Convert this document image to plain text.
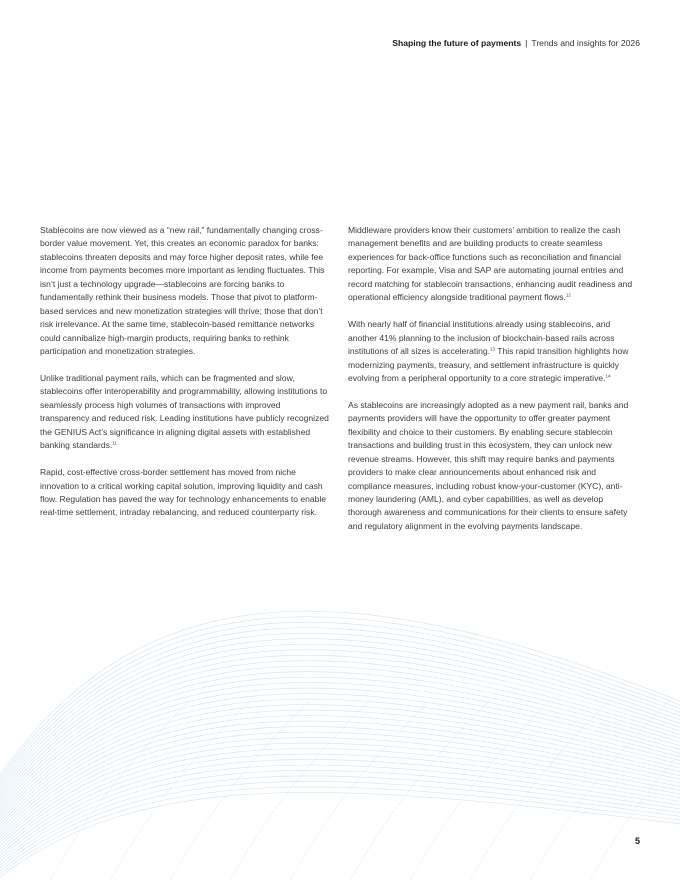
Shaping the future of payments | Trends and insights for 2026

Stablecoins are now viewed as a “new rail,” fundamentally changing cross-border value movement. Yet, this creates an economic paradox for banks: stablecoins threaten deposits and may force higher deposit rates, while fee income from payments becomes more important as lending fluctuates. This isn’t just a technology upgrade—stablecoins are forcing banks to fundamentally rethink their business models. Those that pivot to platform-based services and new monetization strategies will thrive; those that don’t risk irrelevance. At the same time, stablecoin-based remittance networks could cannibalize high-margin products, requiring banks to rethink participation and monetization strategies.

Unlike traditional payment rails, which can be fragmented and slow, stablecoins offer interoperability and programmability, allowing institutions to seamlessly process high volumes of transactions with improved transparency and reduced risk. Leading institutions have publicly recognized the GENIUS Act’s significance in aligning digital assets with established banking standards.$^{11}$

Rapid, cost-effective cross-border settlement has moved from niche innovation to a critical working capital solution, improving liquidity and cash flow. Regulation has paved the way for technology enhancements to enable real-time settlement, intraday rebalancing, and reduced counterparty risk.

Middleware providers know their customers’ ambition to realize the cash management benefits and are building products to create seamless experiences for back-office functions such as reconciliation and financial reporting. For example, Visa and SAP are automating journal entries and record matching for stablecoin transactions, enhancing audit readiness and operational efficiency alongside traditional payment flows.$^{12}$

With nearly half of financial institutions already using stablecoins, and another 41% planning to the inclusion of blockchain-based rails across institutions of all sizes is accelerating.$^{13}$ This rapid transition highlights how modernizing payments, treasury, and settlement infrastructure is quickly evolving from a peripheral opportunity to a core strategic imperative.$^{14}$

As stablecoins are increasingly adopted as a new payment rail, banks and payments providers will have the opportunity to offer greater payment flexibility and choice to their customers. By enabling secure stablecoin transactions and building trust in this ecosystem, they can unlock new revenue streams. However, this shift may require banks and payments providers to make clear announcements about enhanced risk and compliance measures, including robust know-your-customer (KYC), anti-money laundering (AML), and cyber capabilities, as well as develop thorough awareness and communications for their clients to ensure safety and regulatory alignment in the evolving payments landscape.

5
